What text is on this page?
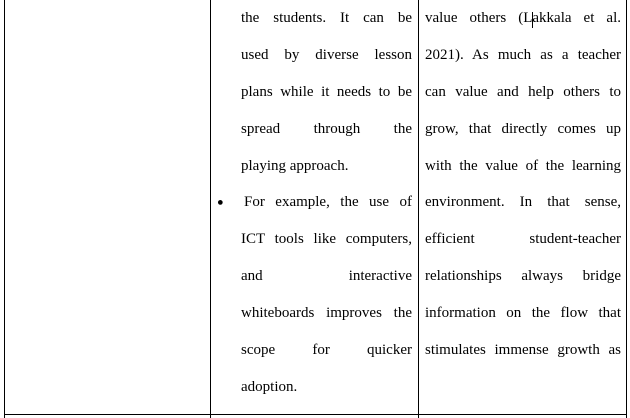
the students. It can be
used by diverse lesson
plans while it needs to be
spread through the
playing approach.
For example, the use of
ICT tools like computers,
and interactive
whiteboards improves the
scope for quicker
adoption.
●
value others (Lakkala et al.
2021). As much as a teacher
can value and help others to
grow, that directly comes up
with the value of the learning
environment. In that sense,
efficient student-teacher
relationships always bridge
information on the flow that
stimulates immense growth as
